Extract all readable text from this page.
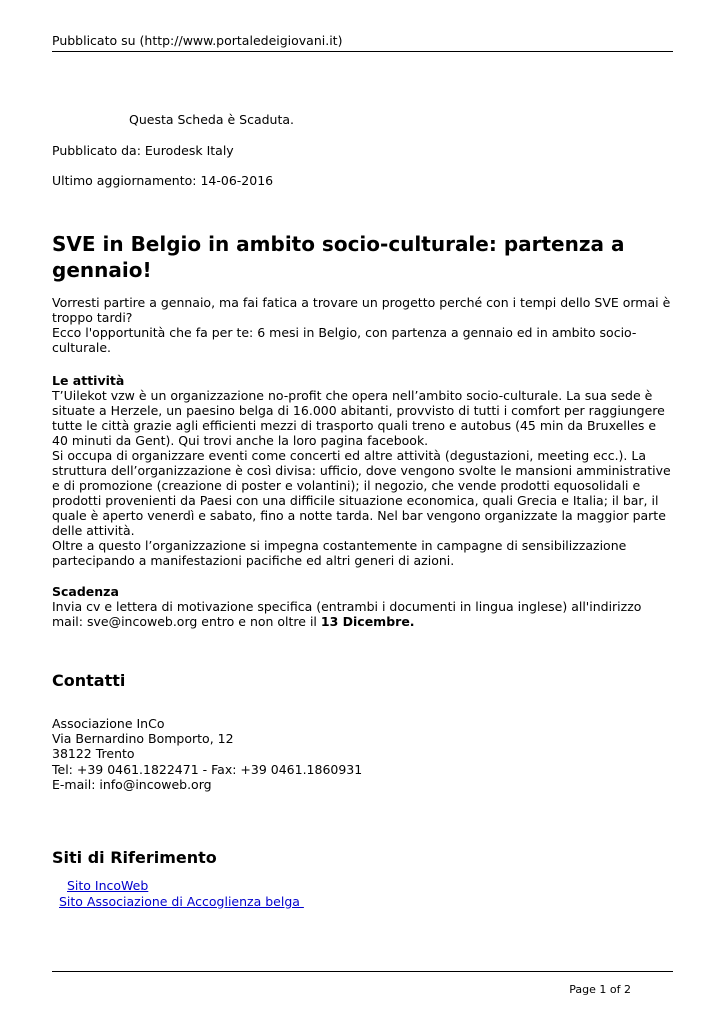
Pubblicato su (http://www.portaledeigiovani.it)
Questa Scheda è Scaduta.
Pubblicato da: Eurodesk Italy
Ultimo aggiornamento: 14-06-2016
SVE in Belgio in ambito socio-culturale: partenza a gennaio!

Vorresti partire a gennaio, ma fai fatica a trovare un progetto perché con i tempi dello SVE ormai è troppo tardi?

Ecco l'opportunità che fa per te: 6 mesi in Belgio, con partenza a gennaio ed in ambito socio-culturale.

Le attività

T’Uilekot vzw è un organizzazione no-profit che opera nell’ambito socio-culturale. La sua sede è situate a Herzele, un paesino belga di 16.000 abitanti, provvisto di tutti i comfort per raggiungere tutte le città grazie agli efficienti mezzi di trasporto quali treno e autobus (45 min da Bruxelles e 40 minuti da Gent). Qui trovi anche la loro pagina facebook.

Si occupa di organizzare eventi come concerti ed altre attività (degustazioni, meeting ecc.). La struttura dell’organizzazione è così divisa: ufficio, dove vengono svolte le mansioni amministrative e di promozione (creazione di poster e volantini); il negozio, che vende prodotti equosolidali e prodotti provenienti da Paesi con una difficile situazione economica, quali Grecia e Italia; il bar, il quale è aperto venerdì e sabato, fino a notte tarda. Nel bar vengono organizzate la maggior parte delle attività.

Oltre a questo l’organizzazione si impegna costantemente in campagne di sensibilizzazione partecipando a manifestazioni pacifiche ed altri generi di azioni.

Scadenza

Invia cv e lettera di motivazione specifica (entrambi i documenti in lingua inglese) all'indirizzo mail: sve@incoweb.org entro e non oltre il 13 Dicembre.

Contatti
Associazione InCo
Via Bernardino Bomporto, 12
38122 Trento
Tel: +39 0461.1822471 - Fax: +39 0461.1860931
E-mail: info@incoweb.org
Siti di Riferimento
Sito IncoWeb
Sito Associazione di Accoglienza belga
Page 1 of 2
